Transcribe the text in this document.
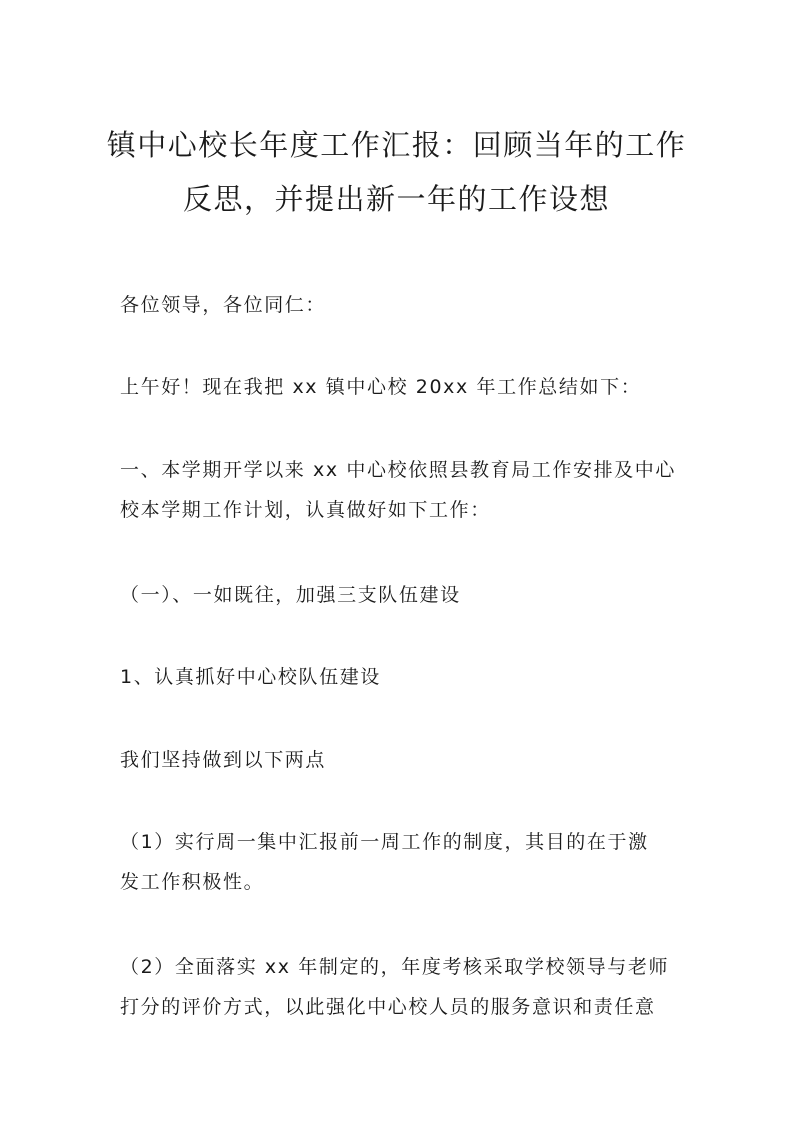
镇中心校长年度工作汇报：回顾当年的工作
反思，并提出新一年的工作设想

各位领导，各位同仁：

上午好！现在我把 xx 镇中心校 20xx 年工作总结如下：

一、本学期开学以来 xx 中心校依照县教育局工作安排及中心
校本学期工作计划，认真做好如下工作：

（一）、一如既往，加强三支队伍建设

1、认真抓好中心校队伍建设

我们坚持做到以下两点

（1）实行周一集中汇报前一周工作的制度，其目的在于激
发工作积极性。

（2）全面落实 xx 年制定的，年度考核采取学校领导与老师
打分的评价方式，以此强化中心校人员的服务意识和责任意
